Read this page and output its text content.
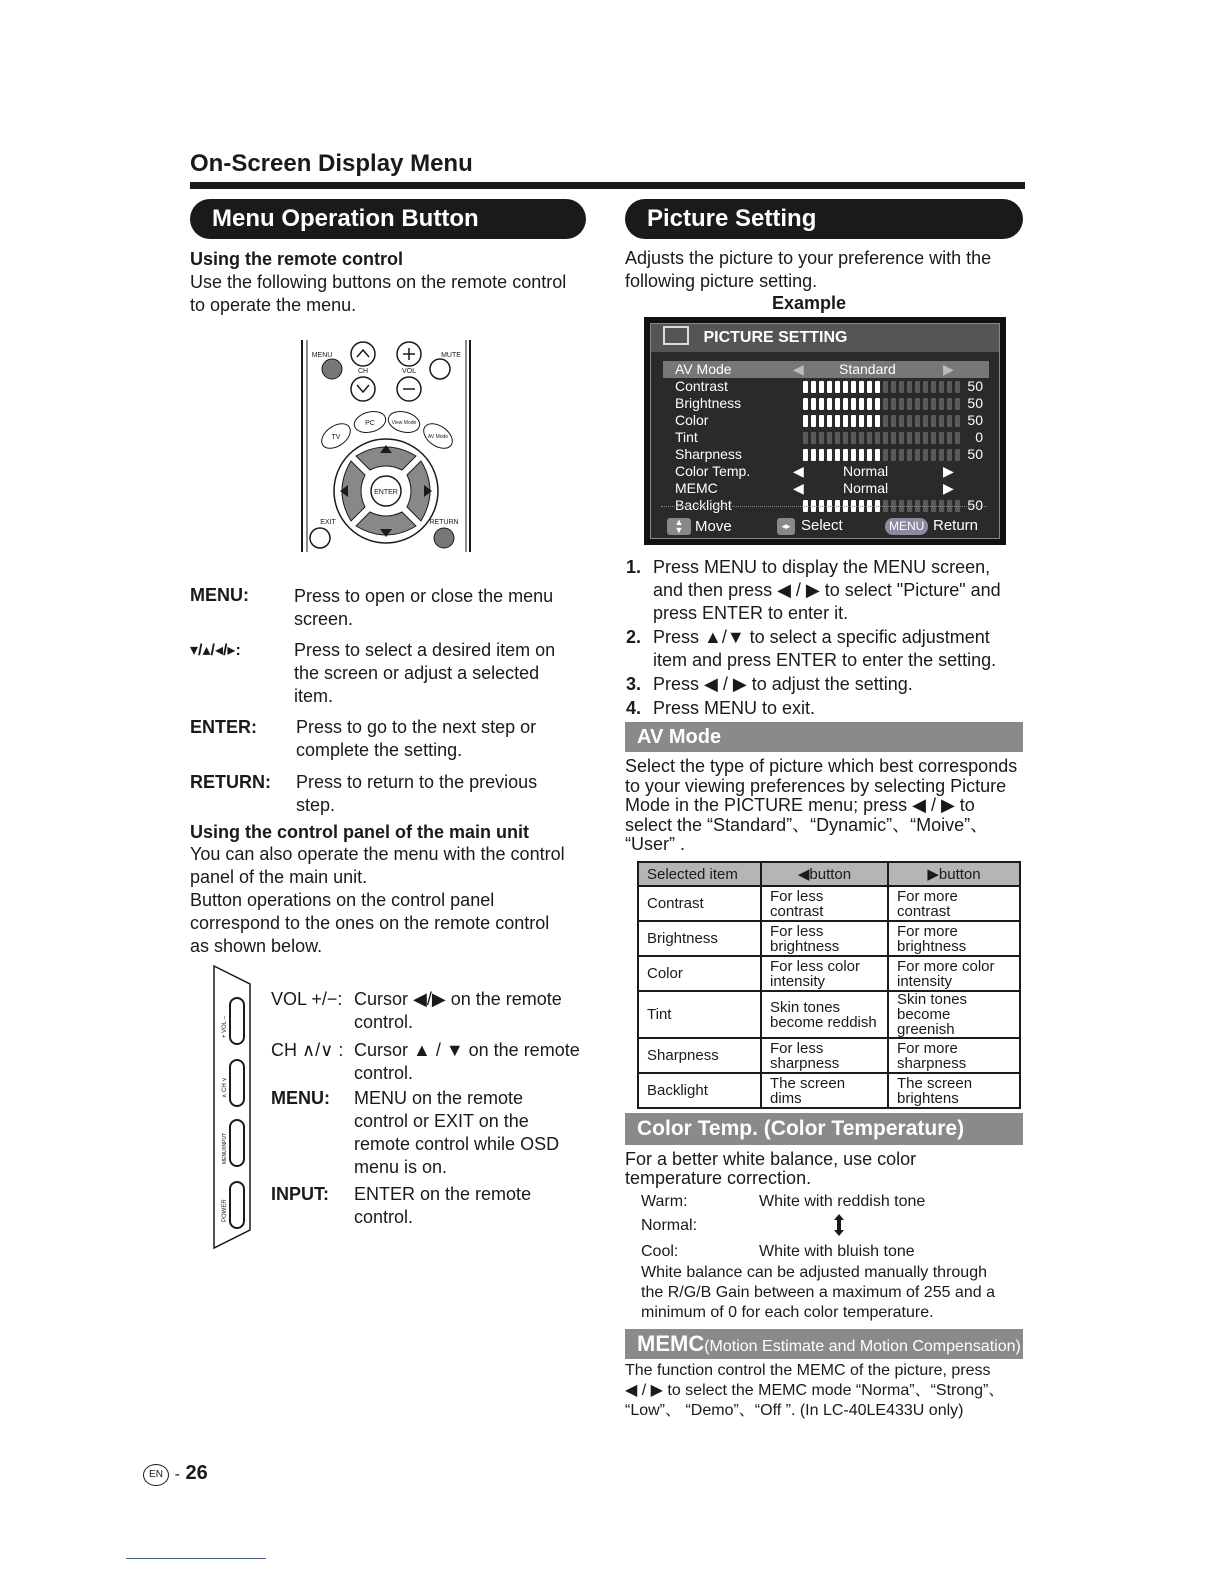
On-Screen Display Menu
Menu Operation Button
Using the remote control
Use the following buttons on the remote control
to operate the menu.
MENU	MUTE
CH	VOL
TV
PC	View Mode
AV Mode
ENTER
EXIT	RETURN
MENU:	Press to open or close the menu
screen.
▾/▴/◂/▸:	Press to select a desired item on
the screen or adjust a selected
item.
ENTER: Press to go to the next step or
complete the setting.
RETURN: Press to return to the previous
step.
Using the control panel of the main unit
You can also operate the menu with the control
panel of the main unit.
Button operations on the control panel
correspond to the ones on the remote control
as shown below.
+ VOL –
∧ CH ∨
MENU/INPUT
POWER
VOL +/−: Cursor ◀/▶ on the remote
control.
CH ∧/∨ : Cursor ▲ / ▼ on the remote
control.
MENU: MENU on the remote
control or EXIT on the
remote control while OSD
menu is on.
INPUT: ENTER on the remote
control.
Picture Setting
Adjusts the picture to your preference with the
following picture setting.
Example
PICTURE SETTING
AV Mode	◀	Standard	▶
Contrast	50
Brightness	50
Color	50
Tint	0
Sharpness	50
Color Temp.	◀	Normal	▶
MEMC	◀	Normal	▶
Backlight	50
▲
▼ Move	◂▸ Select	MENU Return
1. Press MENU to display the MENU screen,
and then press ◀ / ▶ to select "Picture" and
press ENTER to enter it.
2. Press ▲/▼ to select a specific adjustment
item and press ENTER to enter the setting.
3. Press ◀ / ▶ to adjust the setting.
4. Press MENU to exit.
AV Mode
Select the type of picture which best corresponds
to your viewing preferences by selecting Picture
Mode in the PICTURE menu; press ◀ / ▶ to
select the “Standard”、“Dynamic”、“Moive”、
“User” .
Selected item	◀button	▶button
Contrast	For less contrast	For more contrast
Brightness	For less brightness	For more brightness
Color	For less color intensity	For more color intensity
Tint	Skin tones become reddish	Skin tones become greenish
Sharpness	For less sharpness	For more sharpness
Backlight	The screen dims	The screen brightens
Color Temp. (Color Temperature)
For a better white balance, use color
temperature correction.
Warm:	White with reddish tone
Normal:
Cool:	White with bluish tone
White balance can be adjusted manually through
the R/G/B Gain between a maximum of 255 and a
minimum of 0 for each color temperature.
MEMC(Motion Estimate and Motion Compensation)
The function control the MEMC of the picture, press
◀ / ▶ to select the MEMC mode “Norma”、“Strong”、
“Low”、 “Demo”、“Off ”. (In LC-40LE433U only)
EN - 26
